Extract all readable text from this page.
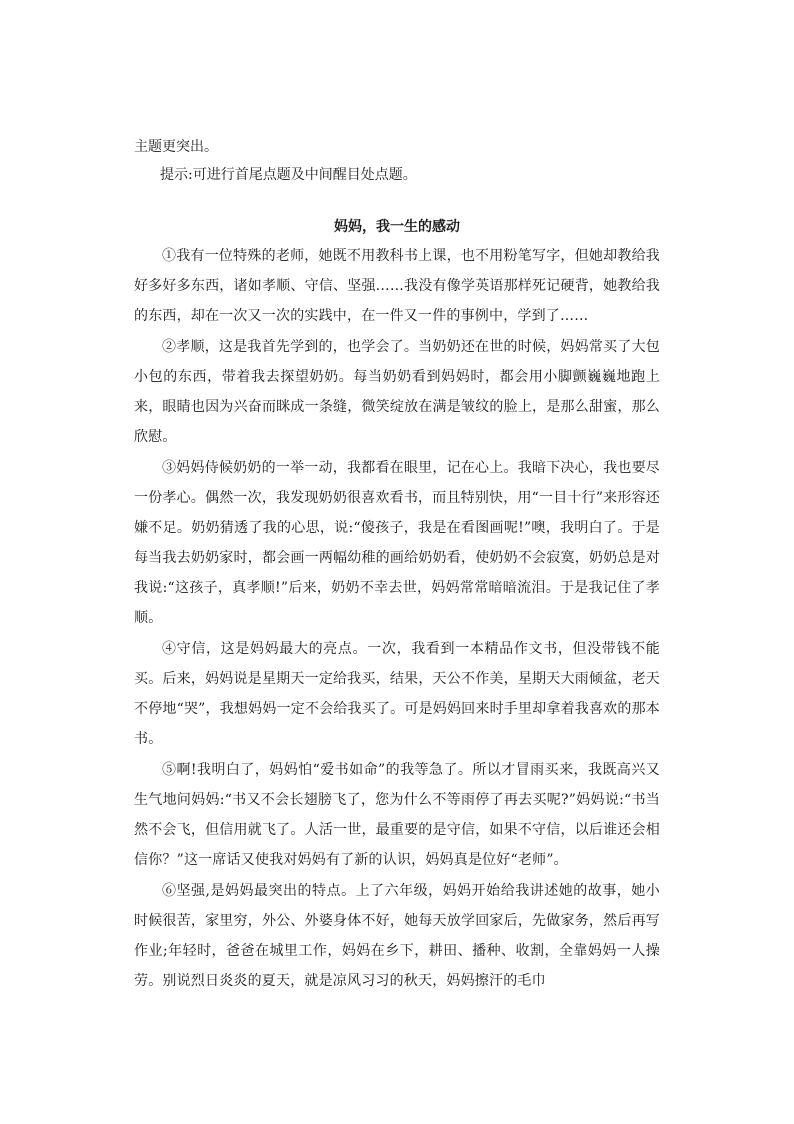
主题更突出。

提示:可进行首尾点题及中间醒目处点题。

妈妈，我一生的感动

①我有一位特殊的老师，她既不用教科书上课，也不用粉笔写字，但她却教给我好多好多东西，诸如孝顺、守信、坚强……我没有像学英语那样死记硬背，她教给我的东西，却在一次又一次的实践中，在一件又一件的事例中，学到了……

②孝顺，这是我首先学到的，也学会了。当奶奶还在世的时候，妈妈常买了大包小包的东西，带着我去探望奶奶。每当奶奶看到妈妈时，都会用小脚颤巍巍地跑上来，眼睛也因为兴奋而眯成一条缝，微笑绽放在满是皱纹的脸上，是那么甜蜜，那么欣慰。

③妈妈侍候奶奶的一举一动，我都看在眼里，记在心上。我暗下决心，我也要尽一份孝心。偶然一次，我发现奶奶很喜欢看书，而且特别快，用“一目十行”来形容还嫌不足。奶奶猜透了我的心思，说:“傻孩子，我是在看图画呢!”噢，我明白了。于是每当我去奶奶家时，都会画一两幅幼稚的画给奶奶看，使奶奶不会寂寞，奶奶总是对我说:“这孩子，真孝顺!”后来，奶奶不幸去世，妈妈常常暗暗流泪。于是我记住了孝顺。

④守信，这是妈妈最大的亮点。一次，我看到一本精品作文书，但没带钱不能买。后来，妈妈说是星期天一定给我买，结果，天公不作美，星期天大雨倾盆，老天不停地“哭”，我想妈妈一定不会给我买了。可是妈妈回来时手里却拿着我喜欢的那本书。

⑤啊!我明白了，妈妈怕“爱书如命”的我等急了。所以才冒雨买来，我既高兴又生气地问妈妈:“书又不会长翅膀飞了，您为什么不等雨停了再去买呢?”妈妈说:“书当然不会飞，但信用就飞了。人活一世，最重要的是守信，如果不守信，以后谁还会相信你？”这一席话又使我对妈妈有了新的认识，妈妈真是位好“老师”。

⑥坚强,是妈妈最突出的特点。上了六年级，妈妈开始给我讲述她的故事，她小时候很苦，家里穷，外公、外婆身体不好，她每天放学回家后，先做家务，然后再写作业;年轻时，爸爸在城里工作，妈妈在乡下，耕田、播种、收割，全靠妈妈一人操劳。别说烈日炎炎的夏天，就是凉风习习的秋天，妈妈擦汗的毛巾
